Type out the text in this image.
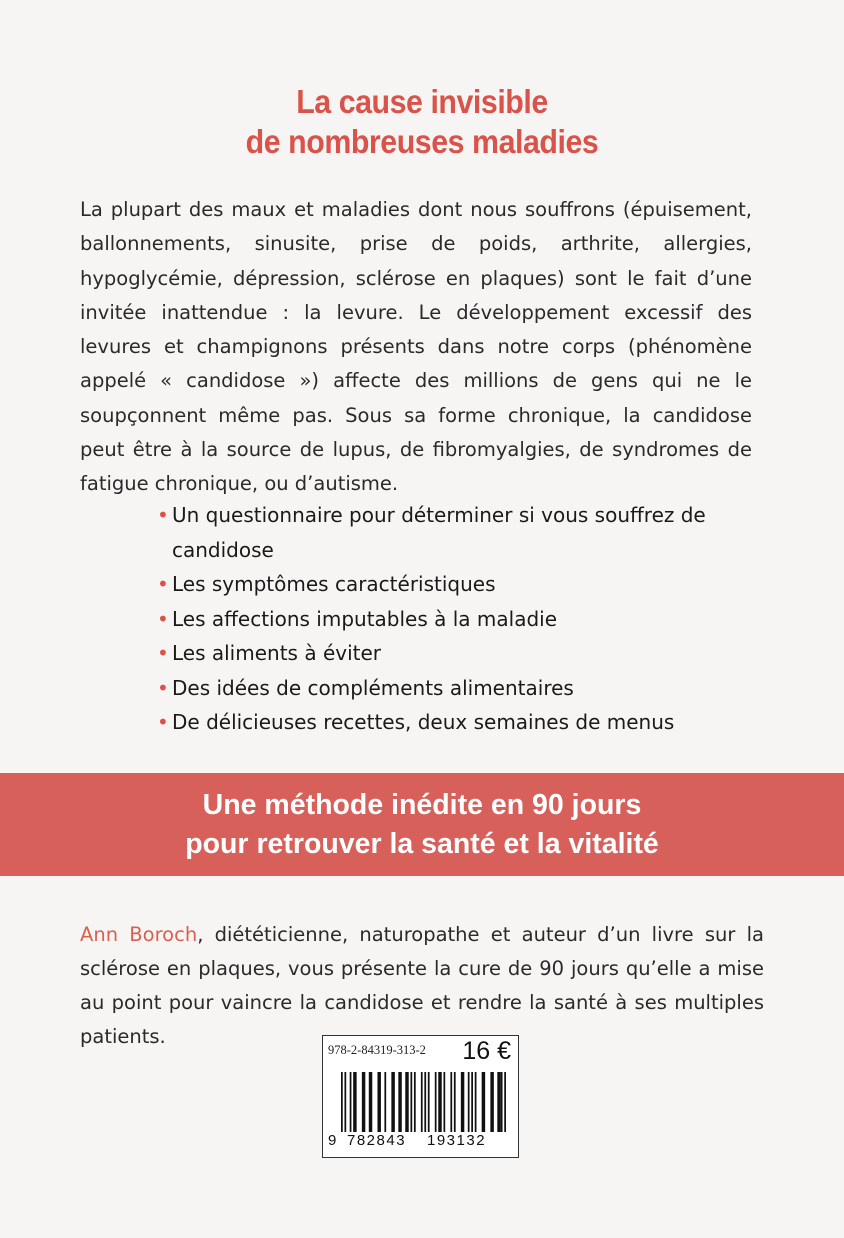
La cause invisible
de nombreuses maladies

La plupart des maux et maladies dont nous souffrons (épuisement, ballonnements, sinusite, prise de poids, arthrite, allergies, hypoglycémie, dépression, sclérose en plaques) sont le fait d’une invitée inattendue : la levure. Le développement excessif des levures et champignons présents dans notre corps (phénomène appelé « candidose ») affecte des millions de gens qui ne le soupçonnent même pas. Sous sa forme chronique, la candidose peut être à la source de lupus, de fibromyalgies, de syndromes de fatigue chronique, ou d’autisme.

• Un questionnaire pour déterminer si vous souffrez de candidose
• Les symptômes caractéristiques
• Les affections imputables à la maladie
• Les aliments à éviter
• Des idées de compléments alimentaires
• De délicieuses recettes, deux semaines de menus
Une méthode inédite en 90 jours
pour retrouver la santé et la vitalité

Ann Boroch, diététicienne, naturopathe et auteur d’un livre sur la sclérose en plaques, vous présente la cure de 90 jours qu’elle a mise au point pour vaincre la candidose et rendre la santé à ses multiples patients.

978-2-84319-313-2 16 €
9 782843 193132
